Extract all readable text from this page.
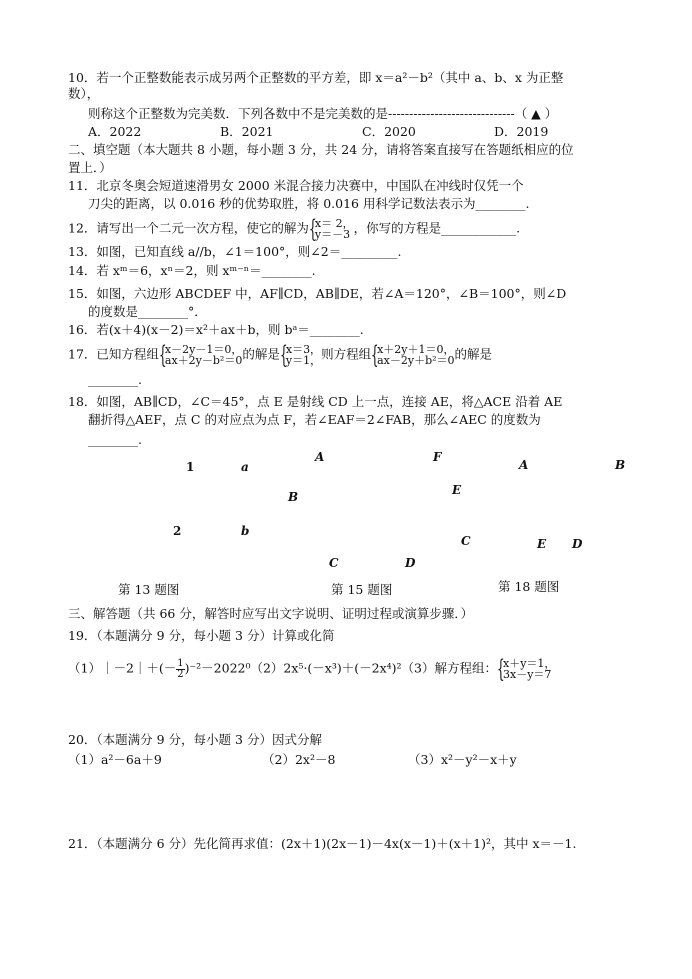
10．若一个正整数能表示成另两个正整数的平方差，即 x＝a²－b²（其中 a、b、x 为正整
数），
则称这个正整数为完美数．下列各数中不是完美数的是------------------------------（ ▲ ）
A．2022	B．2021	C．2020	D．2019
二、填空题（本大题共 8 小题，每小题 3 分，共 24 分，请将答案直接写在答题纸相应的位
置上．）
11．北京冬奥会短道速滑男女 2000 米混合接力决赛中，中国队在冲线时仅凭一个
刀尖的距离，以 0.016 秒的优势取胜，将 0.016 用科学记数法表示为________.
12．请写出一个二元一次方程，使它的解为 {
x＝ 2，
y＝－3 ，你写的方程是____________.
13．如图，已知直线 a//b，∠1＝100°，则∠2＝_________.
14．若 xᵐ＝6，xⁿ＝2，则 xᵐ⁻ⁿ＝________.
15．如图，六边形 ABCDEF 中，AF∥CD，AB∥DE，若∠A＝120°，∠B＝100°，则∠D
的度数是________°．
16．若(x＋4)(x－2)＝x²＋ax＋b，则 bᵃ＝________.
17．已知方程组 {
x－2y－1＝0，
ax＋2y－b²＝0 的解是 {
x＝3，
y＝1， 则方程组 {
x＋2y＋1＝0，
ax－2y＋b²＝0 的解是
________.
18．如图，AB∥CD，∠C＝45°，点 E 是射线 CD 上一点，连接 AE，将△ACE 沿着 AE
翻折得△AEF，点 C 的对应点为点 F，若∠EAF＝2∠FAB，那么∠AEC 的度数为
________.
1	a
2	b
A
B
C	D
F
E
A	B
C	E D
第 13 题图	第 15 题图	第 18 题图
三、解答题（共 66 分，解答时应写出文字说明、证明过程或演算步骤．）
19．（本题满分 9 分，每小题 3 分）计算或化简
（1）｜－2｜＋(－ $\frac{1}{2} )^{-2}-2022^0(2)2x^5\cdot(-x^3)+(-2x^4)^2(3)$解方程组： {
x＋y＝1，
3x－y＝7
20．（本题满分 9 分，每小题 3 分）因式分解
（1）a²－6a＋9	（2）2x²－8	（3）x²－y²－x＋y
21．（本题满分 6 分）先化简再求值：(2x＋1)(2x－1)－4x(x－1)＋(x＋1)²，其中 x＝－1.
